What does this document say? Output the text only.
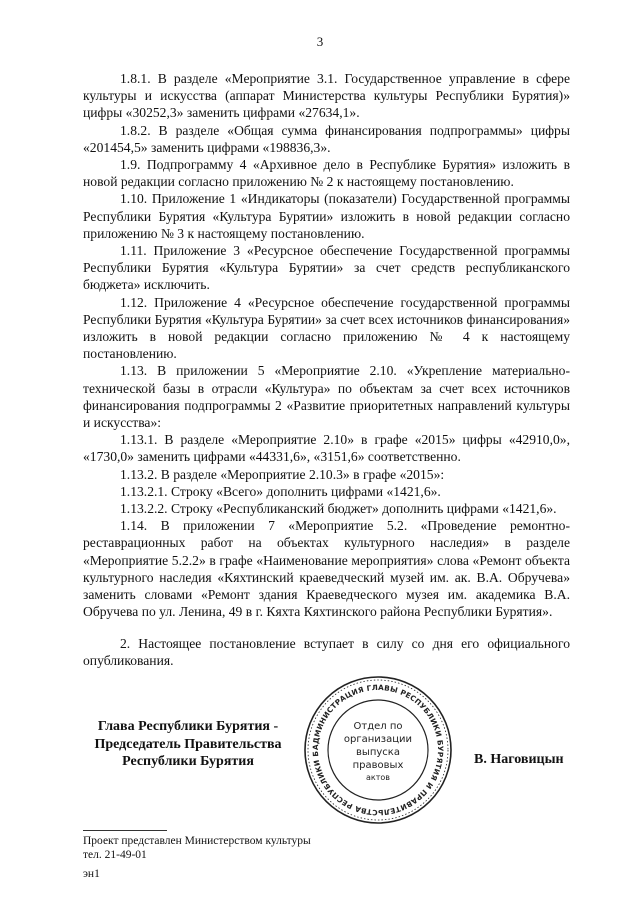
3

1.8.1. В разделе «Мероприятие 3.1. Государственное управление в сфере культуры и искусства (аппарат Министерства культуры Республики Бурятия)» цифры «30252,3» заменить цифрами «27634,1».

1.8.2. В разделе «Общая сумма финансирования подпрограммы» цифры «201454,5» заменить цифрами «198836,3».

1.9. Подпрограмму 4 «Архивное дело в Республике Бурятия» изложить в новой редакции согласно приложению № 2 к настоящему постановлению.

1.10. Приложение 1 «Индикаторы (показатели) Государственной программы Республики Бурятия «Культура Бурятии» изложить в новой редакции согласно приложению № 3 к настоящему постановлению.

1.11. Приложение 3 «Ресурсное обеспечение Государственной программы Республики Бурятия «Культура Бурятии» за счет средств республиканского бюджета» исключить.

1.12. Приложение 4 «Ресурсное обеспечение государственной программы Республики Бурятия «Культура Бурятии» за счет всех источников финансирования» изложить в новой редакции согласно приложению № 4 к настоящему постановлению.

1.13. В приложении 5 «Мероприятие 2.10. «Укрепление материально-технической базы в отрасли «Культура» по объектам за счет всех источников финансирования подпрограммы 2 «Развитие приоритетных направлений культуры и искусства»:

1.13.1. В разделе «Мероприятие 2.10» в графе «2015» цифры «42910,0», «1730,0» заменить цифрами «44331,6», «3151,6» соответственно.

1.13.2. В разделе «Мероприятие 2.10.3» в графе «2015»:

1.13.2.1. Строку «Всего» дополнить цифрами «1421,6».

1.13.2.2. Строку «Республиканский бюджет» дополнить цифрами «1421,6».

1.14. В приложении 7 «Мероприятие 5.2. «Проведение ремонтно-реставрационных работ на объектах культурного наследия» в разделе «Мероприятие 5.2.2» в графе «Наименование мероприятия» слова «Ремонт объекта культурного наследия «Кяхтинский краеведческий музей им. ак. В.А. Обручева» заменить словами «Ремонт здания Краеведческого музея им. академика В.А. Обручева по ул. Ленина, 49 в г. Кяхта Кяхтинского района Республики Бурятия».

2. Настоящее постановление вступает в силу со дня его официального опубликования.

Глава Республики Бурятия -
Председатель Правительства
Республики Бурятия
АДМИНИСТРАЦИЯ ГЛАВЫ РЕСПУБЛИКИ БУРЯТИЯ И ПРАВИТЕЛЬСТВА РЕСПУБЛИКИ Б
Отдел по
организации
выпуска
правовых
актов
В. Наговицын
Проект представлен Министерством культуры
тел. 21-49-01
эн1
